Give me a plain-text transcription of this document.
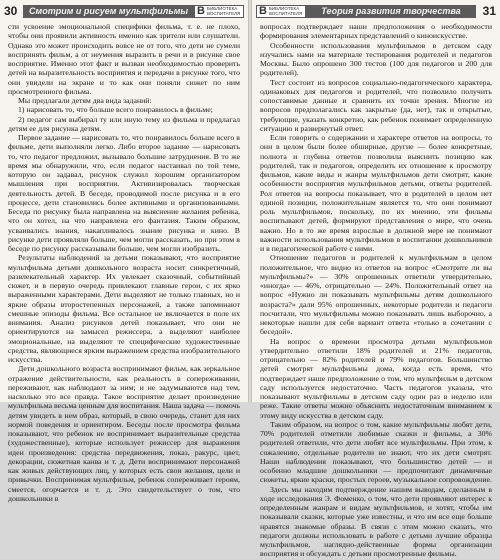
30	Смотрим и рисуем мультфильмы В БИБЛИОТЕКА ВОСПИТАТЕЛЯ

сти усвоение эмоциональной специфики фильма, т. е. не плохо, чтобы они проявили активность именно как зрители или слушатели. Однако это может происходить вовсе не от того, что дети не сумели воспринять фильм, а от неумения выразить в речи и в рисунке свое восприятие. Именно этот факт и вызван необходимостью проверить детей на выразительность восприятия и передачи в рисунке того, что они увидели на экране и то как они поняли сюжет по ним просмотренного фильма.

Мы предлагали детям два вида заданий:

1) нарисовать то, что больше всего понравилось в фильме;

2) педагог сам выбирал ту или иную тему из фильма и предлагал детям ее для рисунка детям.

Первое задание — нарисовать то, что понравилось больше всего в фильме, дети выполняли легко. Либо второе задание — нарисовать то, что педагог предложил, вызывало большие затруднения. В то же время мы обнаружили, что, если педагог настаивал по той теме, которую он задавал, рисунок служил хорошим организатором мышления при восприятии. Активизировалась творческая деятельность детей. В беседе, проводимой после рисунка и в его процессе, дети становились более активными и организованными. Беседа по рисунку была направлена на выяснение желания ребенка, что он хотел, на что направлена его фантазия. Таким образом, усваивались знания, накапливалось знание рисунка и кино. В рисунке дети проявляли больше, чем могли рассказать, но при этом в беседе по рисунку рассказывали больше, чем могли изобразить.

Результаты наблюдений за детьми показывают, что восприятие мультфильма детьми дошкольного возраста носит синкретичный, развлекательный характер. Их увлекает сказочный, событийный сюжет, и в первую очередь привлекают главные герои, с их ярко выраженными характерами. Дети выделяют не только главных, но и яркие образы второстепенных персонажей, а также запоминают смешные эпизоды фильма. Все остальное не включается в поле их внимания. Анализ рисунков детей показывает, что они не ориентируются на замысел режиссера, а выделяют наиболее эмоциональные, на выделяют те специфические художественные средства, являющиеся ярким выражением средства изобразительного искусства.

Дети дошкольного возраста воспринимают фильм, как зеркальное отражение действительности, как реальность в сопереживании, переживают, как наблюдают за ним; и не задумываются над тем, насколько это все правда. Такое восприятие делает произведение мультфильма весьма ценным для воспитания. Наша задача — помочь детям увидеть в нем образ, который, в свою очередь, станет для них нормой поведения и ориентиром. Беседы после просмотра фильма показывают, что ребенок не воспринимает выразительные средства (художественные), которые использует режиссер для выражения идеи произведения: средства передвижения, показ, ракурс, цвет, декорации, сюжетная канва и т. д. Дети воспринимают персонажей как живых действующих лиц, у которых есть свои желания, цели и привычки. Воспринимая мультфильм, ребенок сопереживает героям, смеется, огорчается и т. д. Это свидетельствует о том, что дошкольники в

В БИБЛИОТЕКА ВОСПИТАТЕЛЯ	Теория развития творчества	31

вопросах подтверждает наши предположения о необходимости формирования элементарных представлений о киноискусстве.

Особенности использования мультфильмов в детском саду изучались нами на материале тестирования родителей и педагогов Москвы. Было опрошено 300 тестов (100 для педагогов и 200 для родителей).

Тест состоит из вопросов социально-педагогического характера, одинаковых для педагогов и родителей, что позволило получить сопоставимые данные и сравнить их точки зрения. Многие из вопросов предполагались как закрытые (да, нет), так и открытые, требующие, указать конкретно, как ребенок понимает определенную ситуацию и развернутый ответ.

Если говорить о содержании и характере ответов на вопросы, то они в целом были более обширные, другие — более конкретные, полнота и глубина ответов позволила выяснить позицию как родителей, так и педагогов, определить их отношение к просмотру фильмов, какие виды и жанры мультфильмов дети смотрят, какие особенности восприятия мультфильмов детьми, ответы родителей. Рол ответов на вопросы показывает, что в родителей в целом нет единой позиции, положительным является то, что они понимают роль мультфильмов, поскольку, по их мнению, эти фильмы воспитывают детей, формируют представления о мире, что очень важно. Но в то же время взрослые в должной мере не понимают важности использования мультфильмов в воспитании дошкольников и в педагогической работе с ними.

Отношение педагогов и родителей к мультфильмам в целом положительное, что видно из ответов на вопрос «Смотрите ли вы мультфильмы?» — 30% опрошенных ответили утвердительно, «иногда» — 46%, отрицательно — 24%. Положительный ответ на вопрос «Нужно ли показывать мультфильмы детям дошкольного возраста?» дали 95% опрошенных, некоторые родители и педагоги посчитали, что мультфильмы можно показывать лишь выборочно, а некоторые нашли для себя вариант ответа «только в сочетании с беседой».

На вопрос о времени просмотра детьми мультфильмов утвердительно ответили 18% родителей и 21% педагогов, отрицательно — 82% родителей и 79% педагогов. Большинство детей смотрят мультфильмы дома, когда есть время, что подтверждает наше предположение о том, что мультфильм в детском саду используется недостаточно. Часть педагогов указала, что показывают мультфильмы в детском саду один раз в неделю или реже. Такие ответы можно объяснить недостаточным вниманием к этому виду искусства в детском саду.

Таким образом, на вопрос о том, какие мультфильмы любят дети, 70% родителей отметили любимые сказки и фильмы, а 30% родителей ответили, что дети любят все мультфильмы. При этом, к сожалению, отдельные родители не знают, что их дети смотрят. Наши наблюдения показывают, что большинство детей — и особенно младшие дошкольники — предпочитают динамичные сюжеты, яркие краски, простых героев, музыкальное сопровождение.

Здесь мы находим подтверждение нашим выводам, сделанным в ходе исследования Э. Фоменко, о том, что дети проявляют интерес к определенным жанрам и видам мультфильмов, и хотят, чтобы им показывали сказки, которые уже известны, и что им все еще больше нравятся знакомые образы. В связи с этим можно сказать, что педагоги должны использовать в работе с детьми лучшие образцы мультфильмов, наглядно-действенные формы организации восприятия и обсуждать с детьми просмотренные фильмы.
